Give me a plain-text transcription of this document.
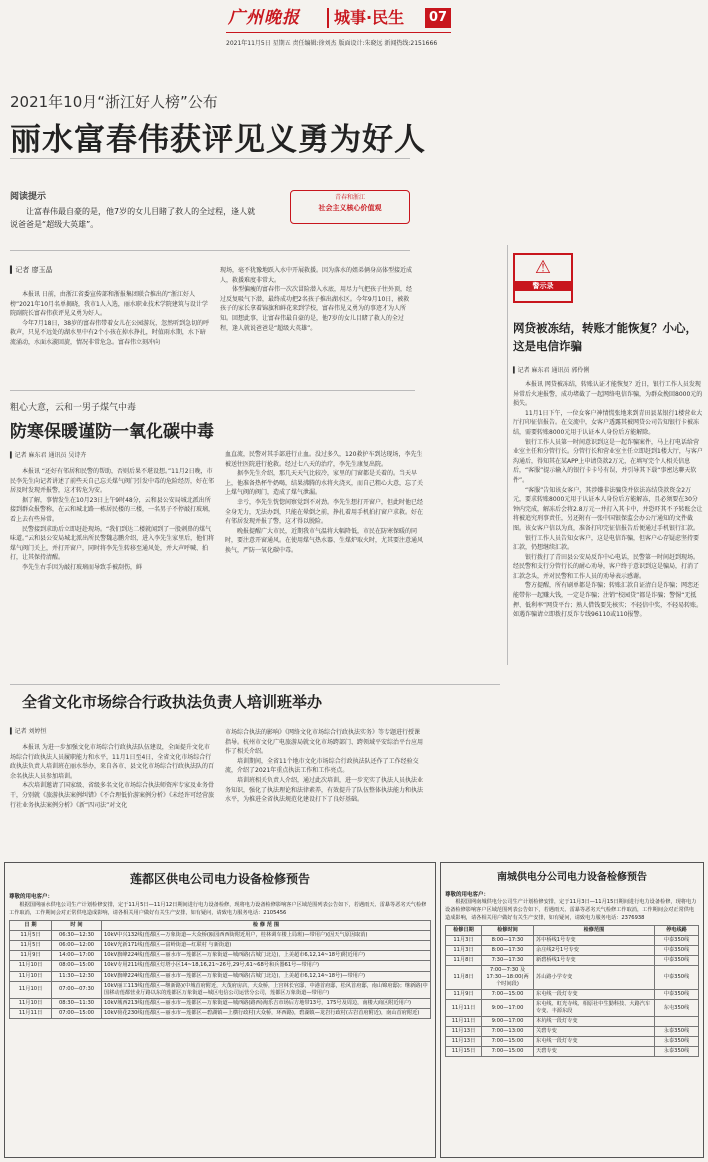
广州晚报 城事·民生	07
2021年11月5日 星期五 责任编辑:徐刘杰 版面设计:朱晓远 新闻热线:2151666
2021年10月“浙江好人榜”公布
丽水富春伟获评见义勇为好人
阅读提示
让富春伟最自豪的是，他7岁的女儿目睹了救人的全过程，逢人就说爸爸是“超级大英雄”。
青春和浙江
社会主义核心价值观
▍记者 廖玉晶

本报讯 日前，由浙江省委宣传部和浙报集团联合推出的“浙江好人榜”2021年10月名单揭晓，我市1人入选，丽水职业技术学院建筑与设计学院副院长富春伟获评见义勇为好人。

今年7月18日，38岁的富春伟带着女儿在公园游玩，忽然听到急切的呼救声，只见不远处的湖水里中有2个小孩在掉水挣扎，时值雨水期，水下暗流涌动，水面水漩回旋，情况非常危急。富春伟立刻冲向

现场，毫不犹豫地跃入水中开展救援。因为落水的姐弟俩身高体型接近成人，救援难度非常大。

体型偏瘦的富春伟一次次冒险潜入水底，用尽力气把孩子往外顶，经过反复吸气下潜，最终成功把2名孩子推出湖水区。今年9月10日，被救孩子的家长拿着锦旗和鲜花来到学校，富春伟见义勇为的事迹才为人所知。回想此事，让富春伟最自豪的是，他7岁的女儿目睹了救人的全过程，逢人就说爸爸是“超级大英雄”。

⚠
警示录
网贷被冻结，转账才能恢复？小心，这是电信诈骗
▍记者 麻东君 通讯员 郭伶俐

本报讯 网贷被冻结，转账认证才能恢复？近日，银行工作人员发现异常后火速报警，成功堵截了一起网络电信诈骗，为群众挽回8000元的损失。

11月1日下午，一位女客户神情慌张地来到青田县某银行1楼营业大厅打印征信报告。在交流中，女客户透露其被网贷公司告知银行卡被冻结，需要转账8000元用于认证本人身份后方能解除。

银行工作人员第一时间意识到这是一起诈骗案件，马上打电话给营业室主任和分管行长。分管行长和营业室主任立即赶到1楼大厅，与客户沟通后，得知其在某APP上申请贷款2万元，在填写完个人相关信息后，“客服”提示输入的银行卡卡号有误，并引导其下载“事密达聊天软件”。

“客服”告知该女客户，其涉嫌非法骗贷并依法冻结贷款资金2万元，要求转账8000元用于认证本人身份后方能解冻，且必须要在30分钟内完成，解冻后会将2.8万元一并打入其卡中，并恐吓其不予转账会让将被追究刑事责任，另还附有一张中国银保监会办公厅通知的文件截图。该女客户信以为真，准备打印完征信报告后便通过手机银行汇款。

银行工作人员告知女客户，这是电信诈骗，但客户心存疑虑坚持要汇款，仍想继续汇款。

银行拨打了青田县公安局反诈中心电话，民警第一时间赶到现场。经民警和支行分管行长的耐心劝导，客户终于意识到这是骗局，打消了汇款念头，并对民警和工作人员的劝导表示感谢。

警方提醒，所有刷单都是诈骗；转账汇款自证清白是诈骗；网恋还能带你一起赚大钱，一定是诈骗；注销“校园贷”都是诈骗；警惕“无抵押、低利率”网贷平台；熟人借钱要先核实；不轻信中奖，不轻易转账。如遇诈骗请立即拨打反诈专线96110或110报警。

粗心大意，云和一男子煤气中毒
防寒保暖谨防一氧化碳中毒
▍记者 麻东君 通讯员 吴诗卉

本报讯 “还好有邻居和民警的帮助，否则后果不堪设想。”11月2日晚，市民李先生向记者讲述了前些天自己忘关煤气阀门引发中毒的危险经历，好在邻居及时发现并报警，这才转危为安。

据了解，事情发生在10月23日上午9时48分，云和县公安局城北派出所接到群众报警称，在云和城北路一栋居民楼的三楼，一名男子不停敲打玻璃，看上去有些异常。

民警接到求助后立即赶赴现场。“我们到达二楼就闻到了一股刺鼻的煤气味道。”云和县公安局城北派出所民警魏志鹏介绍，进入李先生家里后，他们将煤气阀门关上，并打开窗户，同时将李先生转移至通风处，并大声呼喊、拍打，让其保持清醒。

李先生右手因为敲打玻璃而导致手被刮伤，鲜

血直流，民警对其手部进行止血。没过多久，120救护车到达现场，李先生被送往医院进行抢救。经过七八天的治疗，李先生康复出院。

据李先生介绍，那几天天气比较冷，家里的门窗都是关着的。当天早上，他准备热杯牛奶喝，结果沸腾的水将火浇灭，而自己粗心大意，忘了关上煤气阀的阀门，造成了煤气泄漏。

幸亏，李先生恍惚间察觉到不对劲。李先生想打开窗户，但此时他已经全身无力，无法办到，只能在晕倒之前，挣扎着用手机拍打窗户求救。好在有邻居发现并报了警，这才得以脱险。

晚报提醒广大市民，近期我市气温将大幅降低，市民在防寒保暖的同时，要注意开窗通风。在使用煤气热水器、生煤炉取火时，尤其要注意通风换气，严防一氧化碳中毒。

全省文化市场综合行政执法负责人培训班举办
▍记者 刘婷恒

本报讯 为进一步加强文化市场综合行政执法队伍建设，全面提升文化市场综合行政执法人员履职能力和水平，11月1日至4日，全省文化市场综合行政执法负责人培训班在丽水举办，来自各市、县文化市场综合行政执法队的百余名执法人员参加培训。

本次培训邀请了国家级、省级多名文化市场综合执法师资库专家及业务骨干，分别就《旅游执法案例纠错》《不合理低价游案例分析》《未经许可经营旅行社业务执法案例分析》《新“四司法”对文化

市场综合执法的影响》《网络文化市场综合行政执法实务》等专题进行授课指导。杭州市文化广电旅游局就文化市场跨部门、跨领域平安综治平台应用作了相关介绍。

培训期间，全省11个地市文化市场综合行政执法队还作了工作经验交流，介绍了2021年重点执法工作和工作亮点。

培训班相关负责人介绍，通过此次培训，进一步充实了执法人员执法业务知识，强化了执法理论和法律素养，有效提升了队伍整体执法能力和执法水平，为推进全省执法规范化建设打下了良好基础。

莲都区供电公司电力设备检修预告
尊敬的用电客户：
根据国网丽水供电公司生产计划检修安排，定于11月5日—11月12日期间进行电力设备检修，现将电力设备检修影响客户区域范围列表公告如下，若遇雨天、雷暴等恶劣天气检修工作取消，工作期间会对正常供电造成影响，请各相关用户做好有关生产安排，如有疑问，请致电力服务电话：2105456
日 期	时 间	检 修 范 围
11月5日	06:30—12:30	10kV中兴132线(莲都区—万象街道—大众桥(瓯园西西街附近用户，桂林调车楼上局班)—带用户)(因天气原因取消)
11月5日	06:00—12:00	10kV光新171线(莲都区—富岭街道—红联村 与新街道)
11月9日	14:00—17:00	10kV旗峰224线(莲都区—丽水市—莲都区—万象街道—城西路(古城门北边)，上美超市6,12,14~18号)附近用户)
11月10日	08:00—15:00	10kV专用211线(莲都区灯塔小区14~18,16,21~26号,29号,61~68号和兵器61号—带用户)
11月10日	11:30—12:30	10kV旗峰224线(莲都区—丽水市—莲都区—万象街道—城西路(古城门北边)，上美超市6,12,14~18号)—带用户)
11月10日	07:00—07:30	10kV丽工113线(莲都区—继新路)(中城首府附近，大茂府房店，大众桥，上宫林长官邸，中港首府邸，松风首府邸，南山锦府邸)；继新路(中国移动莲都营业厅路以东的莲都区万象街道—城区电信公司运营分公司，莲都区万象街道—带用户)
11月10日	08:30—11:30	10kV城西213线(莲都区—丽水市—莲都区—万象街道—城西路(路西)淘乐吉市场后方地带13号，175号及周边，南楼大商区附近用户)
11月11日	07:00—15:00	10kV荷花230线(莲都区—丽水市—莲都区—碧湖镇—上横行政村(大众桥，环西路)，碧湖镇—龙岩行政村(古岩首府附近)，南山首府附近)
南城供电分公司电力设备检修预告
尊敬的用电客户：
根据国网南城供电分公司生产计划检修安排，定于11月3日—11月15日期间进行电力设备检修，现将电力设备检修影响客户区域范围列表公告如下，若遇雨天、雷暴等恶劣天气检修工作取消，工作期间会对正常供电造成影响，请各相关用户做好有关生产安排，如有疑问，请致电力服务电话：2376938
检修日期	检修时间	检修范围	停电线路
11月3日	8:00—17:30	苏中桥线1号专变	中泰350线
11月3日	8:00—17:30	余庄线2号1号专变	中泰350线
11月8日	7:30—17:30	新碧桥线1号专变	中泰350线
11月8日	7:00—7:30 及 17:30—18:00(两个时间段)	苏山路小学专变	中泰350线
11月9日	7:00—15:00	东屯线一段灯专变	中泰350线
11月11日	9:00—17:00	东屯线、虹光寺线、相原社中生勤科技、大路汽车专变、丰源东段	东屯350线
11月11日	9:00—17:00	本坑线一段灯专变	
11月13日	7:00—13:00	关碧专变	永泰350线
11月13日	7:00—15:00	东屯线一段灯专变	永泰350线
11月15日	7:00—15:00	天碧专变	永泰350线
